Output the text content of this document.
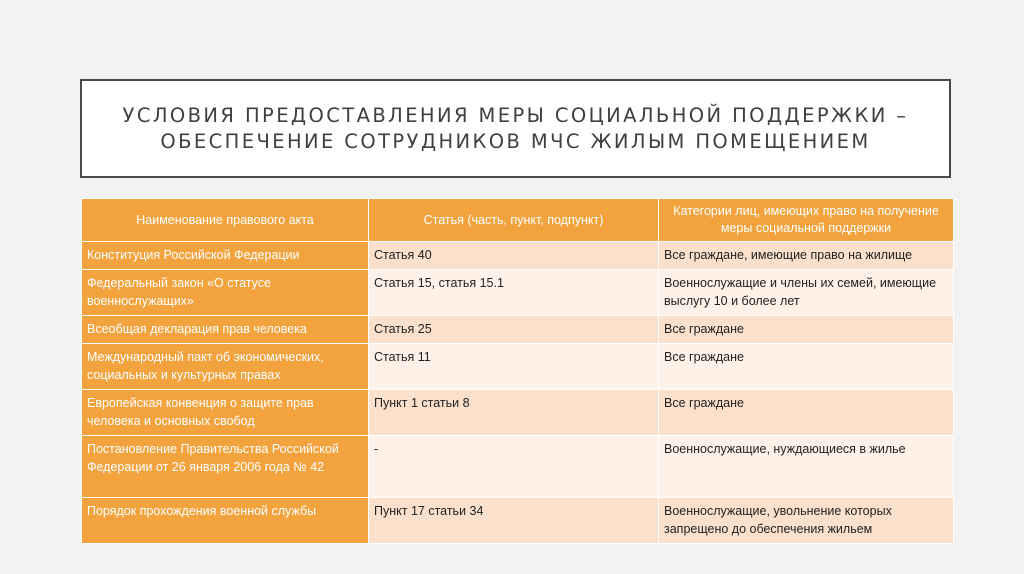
УСЛОВИЯ ПРЕДОСТАВЛЕНИЯ МЕРЫ СОЦИАЛЬНОЙ ПОДДЕРЖКИ –
ОБЕСПЕЧЕНИЕ СОТРУДНИКОВ МЧС ЖИЛЫМ ПОМЕЩЕНИЕМ
Наименование правового акта	Статья (часть, пункт, подпункт)	Категории лиц, имеющих право на получение меры социальной поддержки
Конституция Российской Федерации	Статья 40	Все граждане, имеющие право на жилище
Федеральный закон «О статусе военнослужащих»	Статья 15, статья 15.1	Военнослужащие и члены их семей, имеющие выслугу 10 и более лет
Всеобщая декларация прав человека	Статья 25	Все граждане
Международный пакт об экономических, социальных и культурных правах	Статья 11	Все граждане
Европейская конвенция о защите прав человека и основных свобод	Пункт 1 статьи 8	Все граждане
Постановление Правительства Российской Федерации от 26 января 2006 года № 42	-	Военнослужащие, нуждающиеся в жилье
Порядок прохождения военной службы	Пункт 17 статьи 34	Военнослужащие, увольнение которых запрещено до обеспечения жильем
